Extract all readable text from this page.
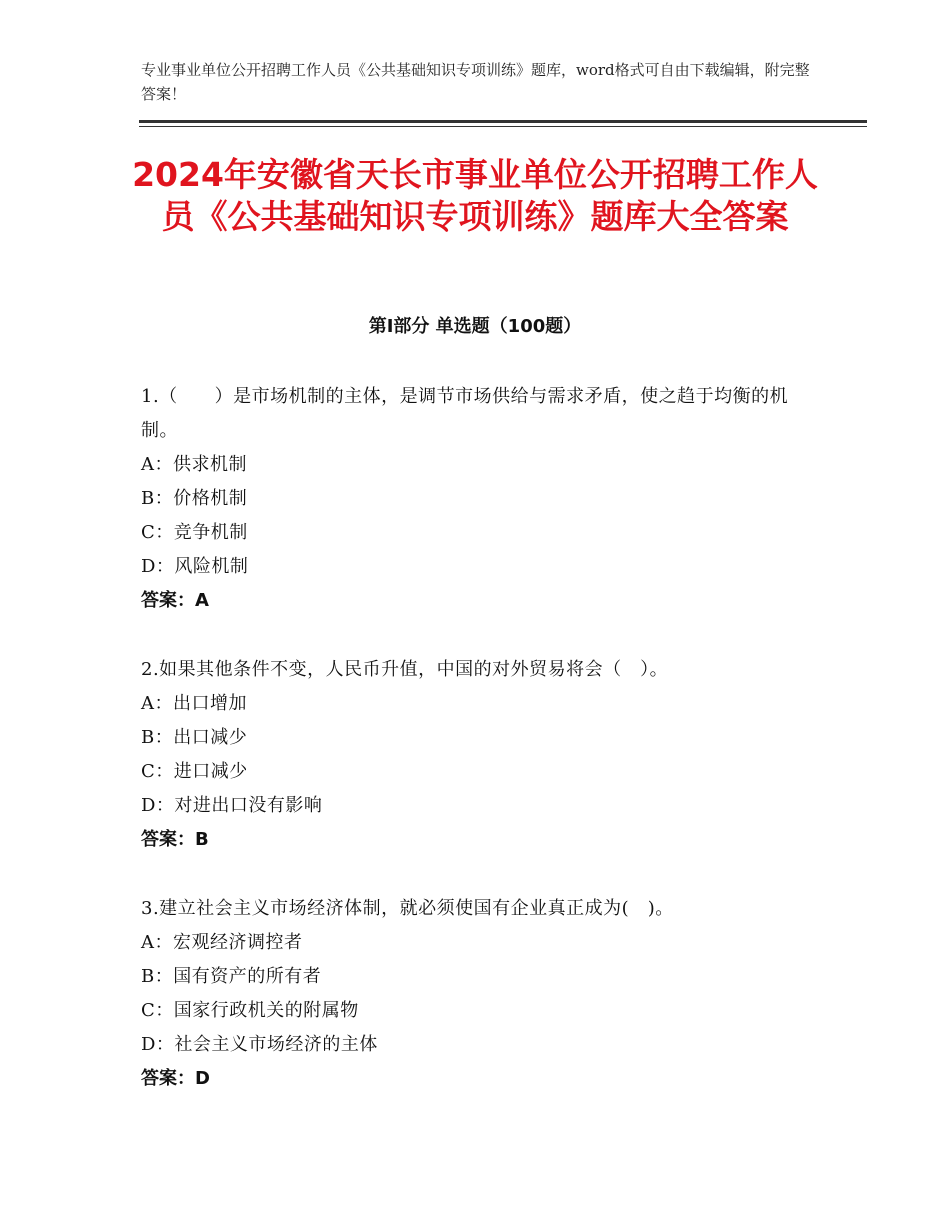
专业事业单位公开招聘工作人员《公共基础知识专项训练》题库，word格式可自由下载编辑，附完整答案！
2024年安徽省天长市事业单位公开招聘工作人员《公共基础知识专项训练》题库大全答案
第Ⅰ部分 单选题（100题）
1.（　　）是市场机制的主体，是调节市场供给与需求矛盾，使之趋于均衡的机制。
A：供求机制
B：价格机制
C：竞争机制
D：风险机制
答案：A
2.如果其他条件不变，人民币升值，中国的对外贸易将会（　）。
A：出口增加
B：出口减少
C：进口减少
D：对进出口没有影响
答案：B
3.建立社会主义市场经济体制，就必须使国有企业真正成为(　)。
A：宏观经济调控者
B：国有资产的所有者
C：国家行政机关的附属物
D：社会主义市场经济的主体
答案：D
